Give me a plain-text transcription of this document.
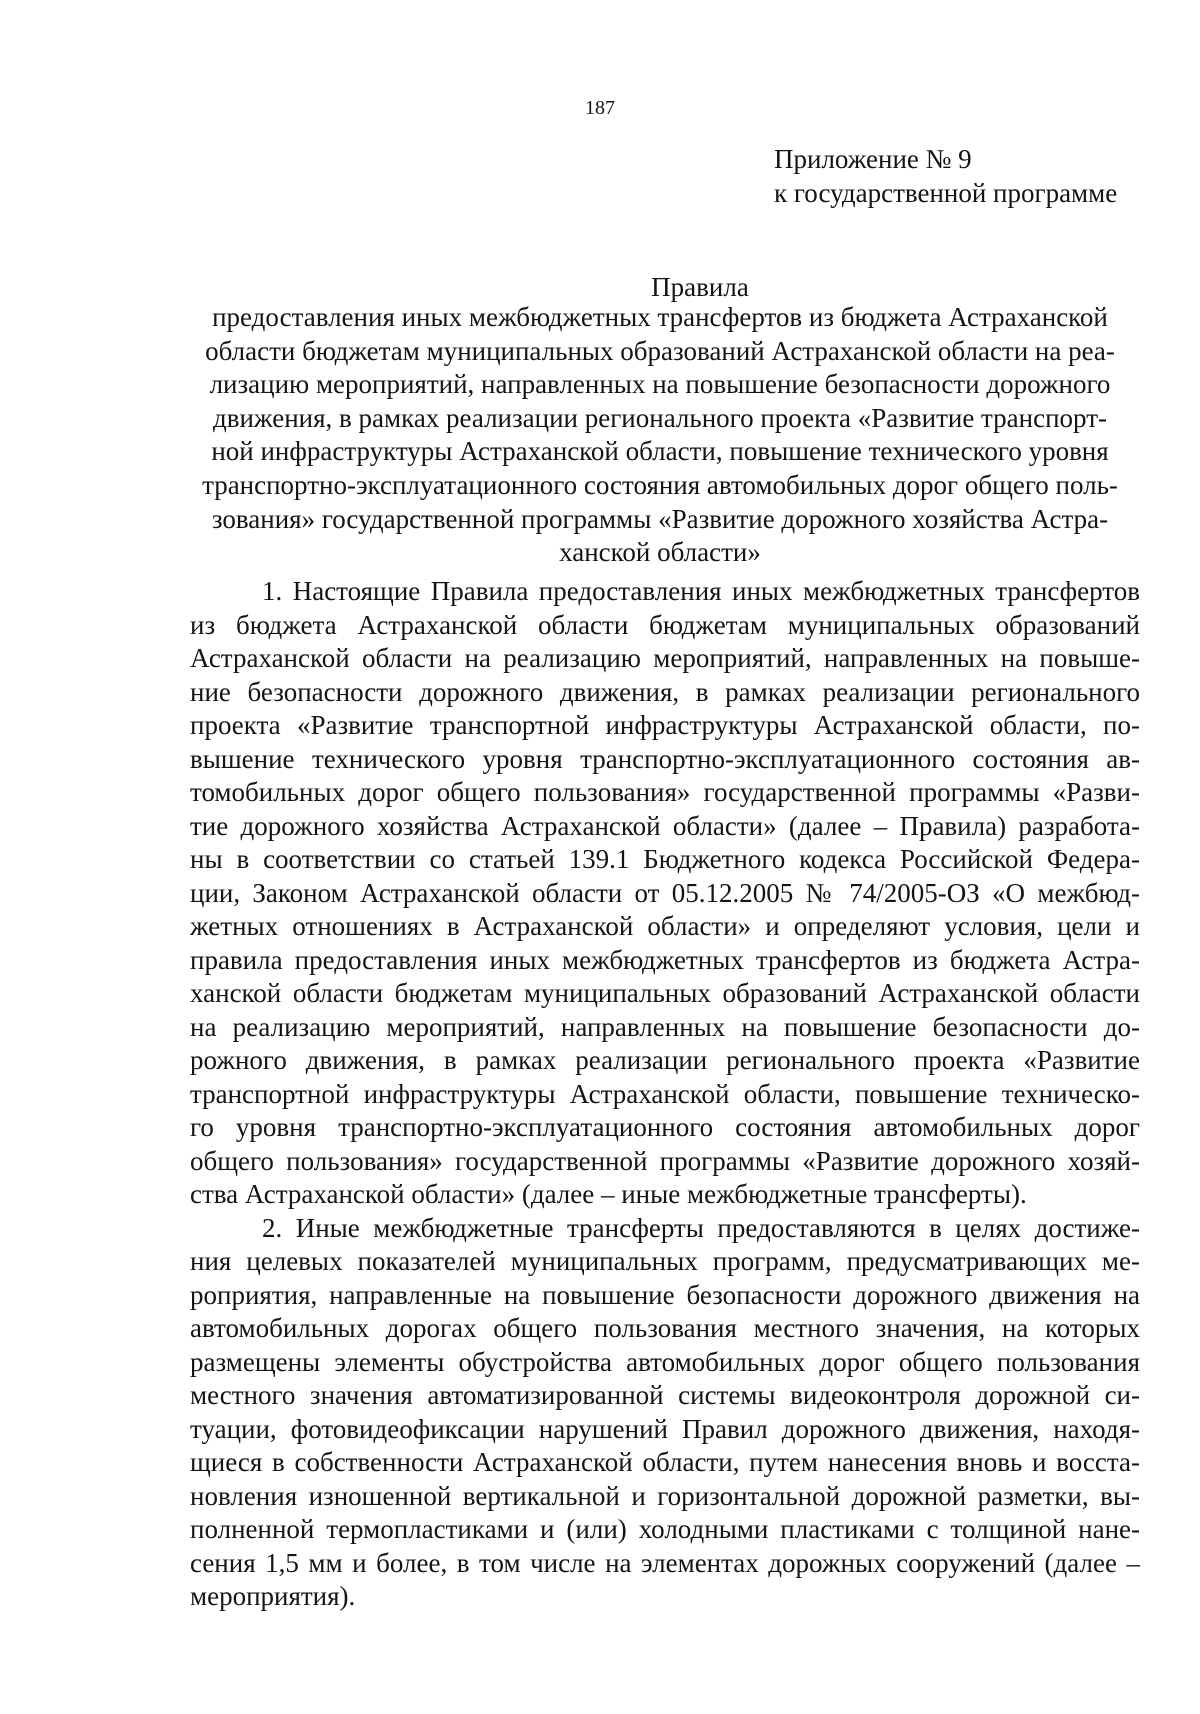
187
Приложение № 9
к государственной программе
Правила
предоставления иных межбюджетных трансфертов из бюджета Астраханской
области бюджетам муниципальных образований Астраханской области на реа-
лизацию мероприятий, направленных на повышение безопасности дорожного
движения, в рамках реализации регионального проекта «Развитие транспорт-
ной инфраструктуры Астраханской области, повышение технического уровня
транспортно-эксплуатационного состояния автомобильных дорог общего поль-
зования» государственной программы «Развитие дорожного хозяйства Астра-
ханской области»
1. Настоящие Правила предоставления иных межбюджетных трансфертов
из бюджета Астраханской области бюджетам муниципальных образований
Астраханской области на реализацию мероприятий, направленных на повыше-
ние безопасности дорожного движения, в рамках реализации регионального
проекта «Развитие транспортной инфраструктуры Астраханской области, по-
вышение технического уровня транспортно-эксплуатационного состояния ав-
томобильных дорог общего пользования» государственной программы «Разви-
тие дорожного хозяйства Астраханской области» (далее – Правила) разработа-
ны в соответствии со статьей 139.1 Бюджетного кодекса Российской Федера-
ции, Законом Астраханской области от 05.12.2005 № 74/2005-ОЗ «О межбюд-
жетных отношениях в Астраханской области» и определяют условия, цели и
правила предоставления иных межбюджетных трансфертов из бюджета Астра-
ханской области бюджетам муниципальных образований Астраханской области
на реализацию мероприятий, направленных на повышение безопасности до-
рожного движения, в рамках реализации регионального проекта «Развитие
транспортной инфраструктуры Астраханской области, повышение техническо-
го уровня транспортно-эксплуатационного состояния автомобильных дорог
общего пользования» государственной программы «Развитие дорожного хозяй-
ства Астраханской области» (далее – иные межбюджетные трансферты).
2. Иные межбюджетные трансферты предоставляются в целях достиже-
ния целевых показателей муниципальных программ, предусматривающих ме-
роприятия, направленные на повышение безопасности дорожного движения на
автомобильных дорогах общего пользования местного значения, на которых
размещены элементы обустройства автомобильных дорог общего пользования
местного значения автоматизированной системы видеоконтроля дорожной си-
туации, фотовидеофиксации нарушений Правил дорожного движения, находя-
щиеся в собственности Астраханской области, путем нанесения вновь и восста-
новления изношенной вертикальной и горизонтальной дорожной разметки, вы-
полненной термопластиками и (или) холодными пластиками с толщиной нане-
сения 1,5 мм и более, в том числе на элементах дорожных сооружений (далее –
мероприятия).
